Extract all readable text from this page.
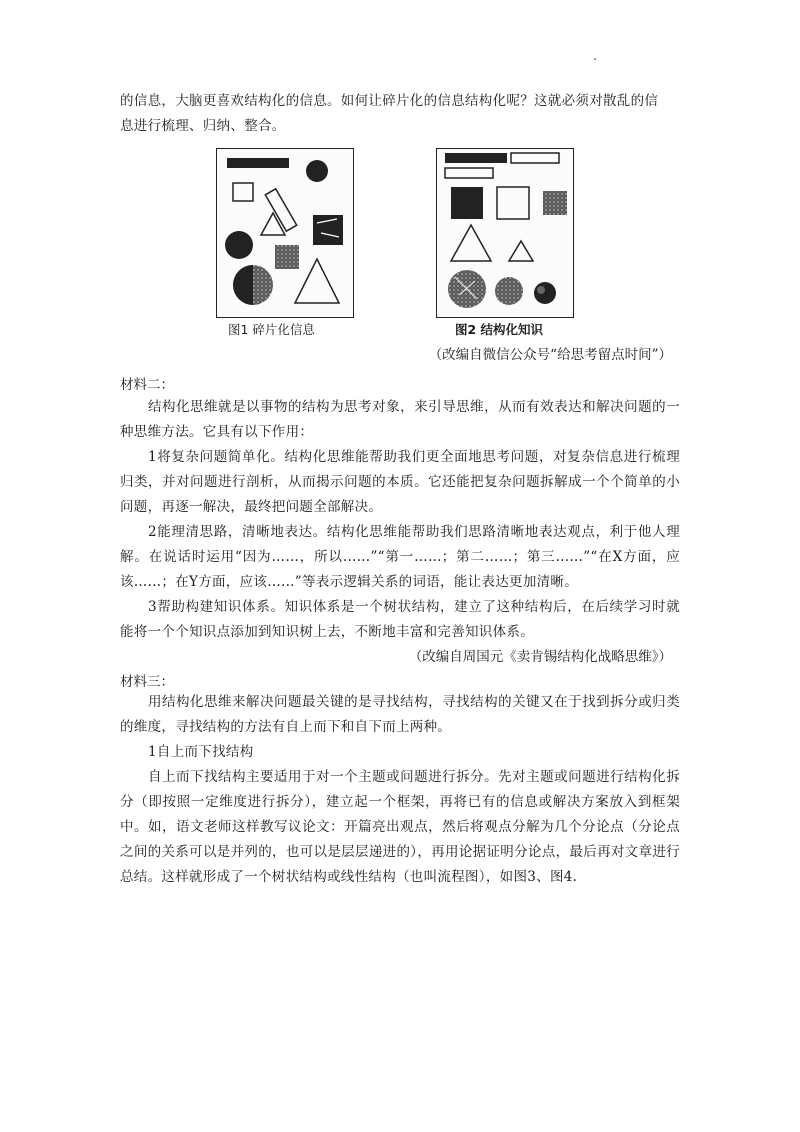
的信息，大脑更喜欢结构化的信息。如何让碎片化的信息结构化呢？这就必须对散乱的信

息进行梳理、归纳、整合。

图1 碎片化信息	图2 结构化知识

（改编自微信公众号“给思考留点时间”）

材料二：

结构化思维就是以事物的结构为思考对象，来引导思维，从而有效表达和解决问题的一种思维方法。它具有以下作用：

1将复杂问题简单化。结构化思维能帮助我们更全面地思考问题，对复杂信息进行梳理归类，并对问题进行剖析，从而揭示问题的本质。它还能把复杂问题拆解成一个个简单的小问题，再逐一解决，最终把问题全部解决。

2能理清思路，清晰地表达。结构化思维能帮助我们思路清晰地表达观点，利于他人理解。在说话时运用“因为……，所以……”“第一……；第二……；第三……”“在X方面，应该……；在Y方面，应该……”等表示逻辑关系的词语，能让表达更加清晰。

3帮助构建知识体系。知识体系是一个树状结构，建立了这种结构后，在后续学习时就能将一个个知识点添加到知识树上去，不断地丰富和完善知识体系。

（改编自周国元《卖肯锡结构化战略思维》）

材料三：

用结构化思维来解决问题最关键的是寻找结构，寻找结构的关键又在于找到拆分或归类的维度，寻找结构的方法有自上而下和自下而上两种。

1自上而下找结构

自上而下找结构主要适用于对一个主题或问题进行拆分。先对主题或问题进行结构化拆分（即按照一定维度进行拆分），建立起一个框架，再将已有的信息或解决方案放入到框架中。如，语文老师这样教写议论文：开篇亮出观点，然后将观点分解为几个分论点（分论点之间的关系可以是并列的，也可以是层层递进的），再用论据证明分论点，最后再对文章进行总结。这样就形成了一个树状结构或线性结构（也叫流程图），如图3、图4.
